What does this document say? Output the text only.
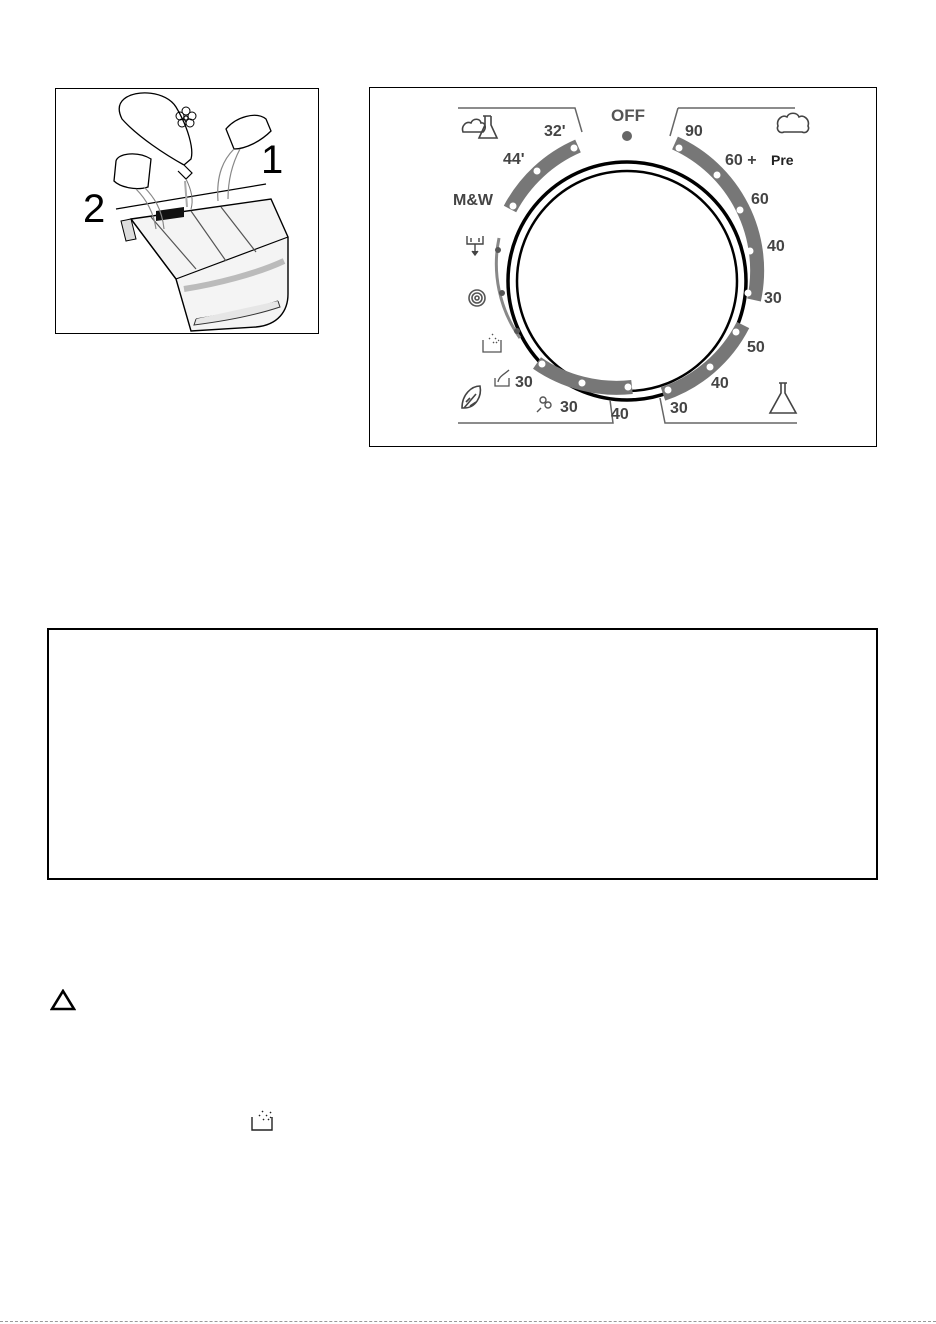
1
2
OFF
90
60 + Pre
60
40
30
50
40
30
30
30 40
32'
44'
M&W
